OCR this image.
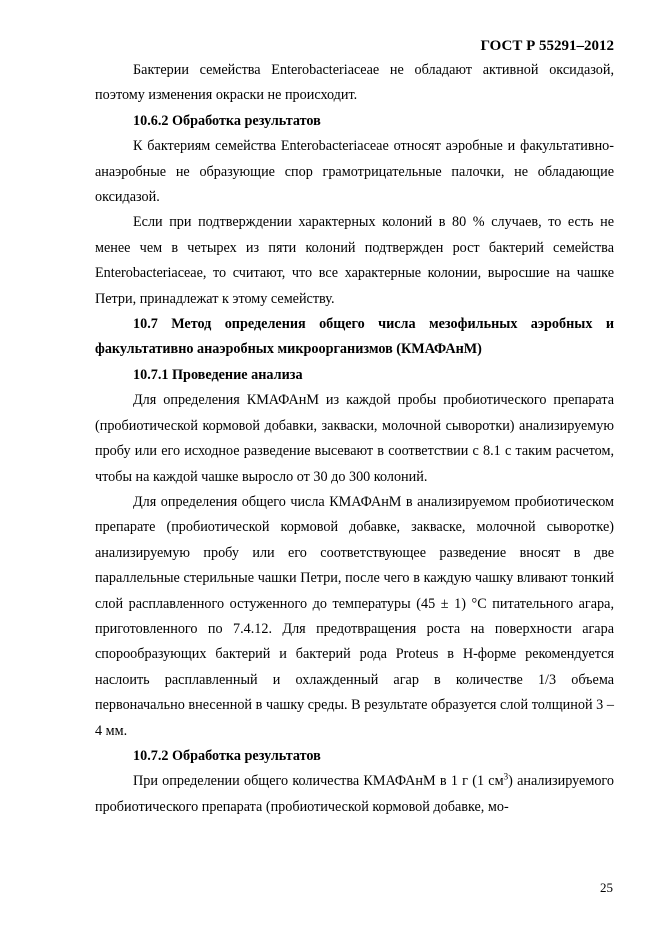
ГОСТ Р 55291–2012

Бактерии семейства Enterobacteriaceae не обладают активной оксидазой, поэтому изменения окраски не происходит.

10.6.2 Обработка результатов

К бактериям семейства Enterobacteriaceae относят аэробные и факультативно-анаэробные не образующие спор грамотрицательные палочки, не обладающие оксидазой.

Если при подтверждении характерных колоний в 80 % случаев, то есть не менее чем в четырех из пяти колоний подтвержден рост бактерий семейства Enterobacteriaceae, то считают, что все характерные колонии, выросшие на чашке Петри, принадлежат к этому семейству.

10.7 Метод определения общего числа мезофильных аэробных и факультативно анаэробных микроорганизмов (КМАФАнМ)

10.7.1 Проведение анализа

Для определения КМАФАнМ из каждой пробы пробиотического препарата (пробиотической кормовой добавки, закваски, молочной сыворотки) анализируемую пробу или его исходное разведение высевают в соответствии с 8.1 с таким расчетом, чтобы на каждой чашке выросло от 30 до 300 колоний.

Для определения общего числа КМАФАнМ в анализируемом пробиотическом препарате (пробиотической кормовой добавке, закваске, молочной сыворотке) анализируемую пробу или его соответствующее разведение вносят в две параллельные стерильные чашки Петри, после чего в каждую чашку вливают тонкий слой расплавленного остуженного до температуры (45 ± 1) °С питательного агара, приготовленного по 7.4.12. Для предотвращения роста на поверхности агара спорообразующих бактерий и бактерий рода Proteus в Н-форме рекомендуется наслоить расплавленный и охлажденный агар в количестве 1/3 объема первоначально внесенной в чашку среды. В результате образуется слой толщиной 3 – 4 мм.

10.7.2 Обработка результатов

При определении общего количества КМАФАнМ в 1 г (1 $см^3$) анализируемого пробиотического препарата (пробиотической кормовой добавке, мо-

25
